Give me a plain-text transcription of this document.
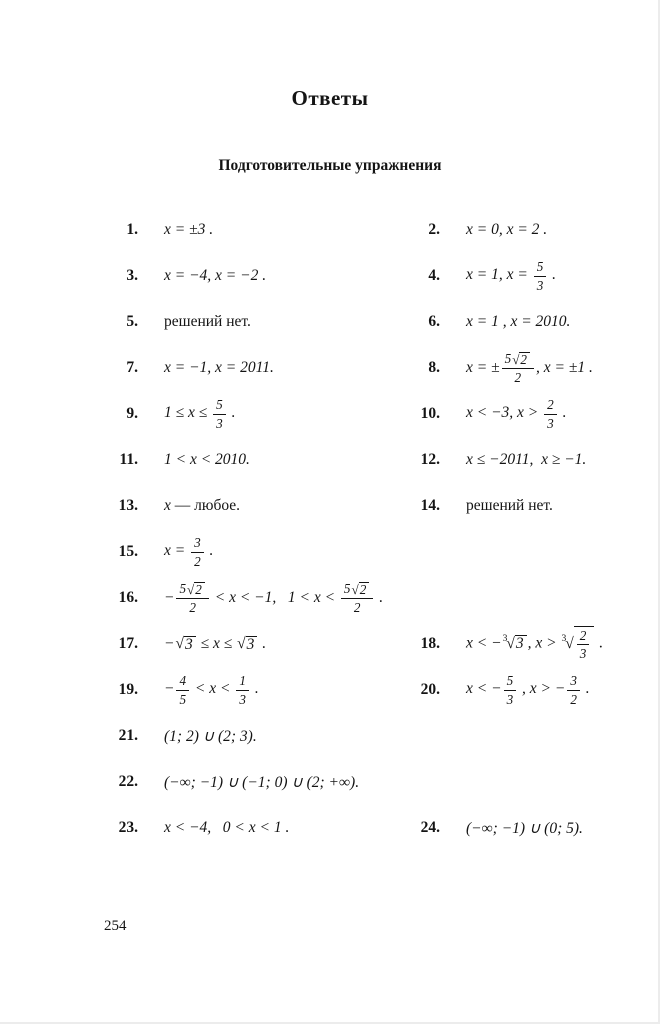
Ответы
Подготовительные упражнения
1. x = ±3 .	2. x = 0, x = 2 .
3. x = −4, x = −2 .	4. x = 1, $x = \frac{5}{3}$ .
5. решений нет.	6. x = 1 , x = 2010.
7. x = −1, x = 2011.	8. x = ± $\frac{5 √ 2}{2}$ , x = ±1 .
9. $1 \le x \le \frac{5}{3}$ .	10. x < −3, $x > \frac{2}{3}$ .
11. 1 < x < 2010.	12. x ≤ −2011,  x ≥ −1.
13. x — любое.	14. решений нет.
15. $x = \frac{3}{2}$ .
16. − $\frac{5 √ 2}{2} < x < -1$,   $1 < x < \frac{5 √ 2}{2}$ .
17. − √ 3 ≤ x ≤ √ 3 .	18. x < − 3 √ 3 , x > 3 √ $\frac{2}{3}$ .
19. − $\frac{4}{5} < x < \frac{1}{3}$ .	20. x < − $\frac{5}{3}$ , x > − $\frac{3}{2}$ .
21. (1; 2) ∪ (2; 3).
22. (−∞; −1) ∪ (−1; 0) ∪ (2; +∞).
23. x < −4,   0 < x < 1 .	24. (−∞; −1) ∪ (0; 5).
254
